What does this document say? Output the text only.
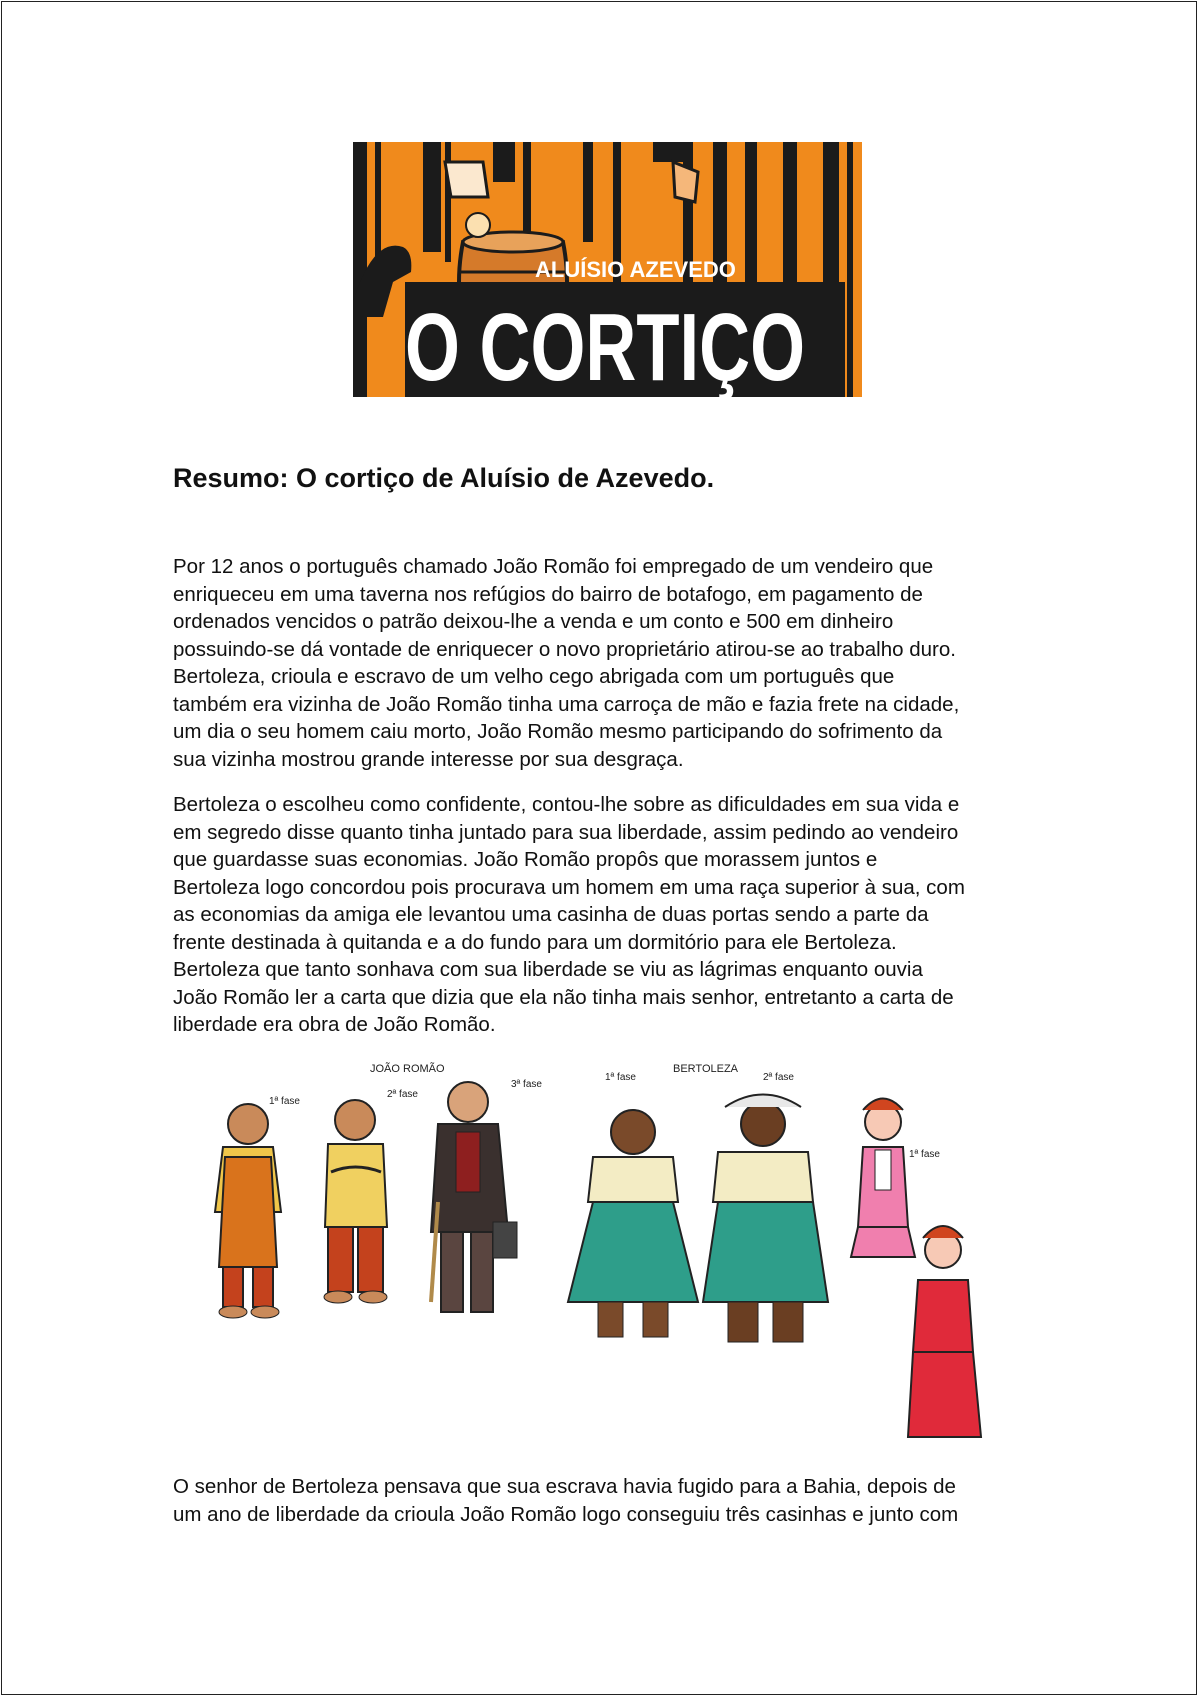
ALUÍSIO AZEVEDO
O CORTIÇO
Resumo: O cortiço de Aluísio de Azevedo.
Por 12 anos o português chamado João Romão foi empregado de um vendeiro que
enriqueceu em uma taverna nos refúgios do bairro de botafogo, em pagamento de
ordenados vencidos o patrão deixou-lhe a venda e um conto e 500 em dinheiro
possuindo-se dá vontade de enriquecer o novo proprietário atirou-se ao trabalho duro.
Bertoleza, crioula e escravo de um velho cego abrigada com um português que
também era vizinha de João Romão tinha uma carroça de mão e fazia frete na cidade,
um dia o seu homem caiu morto, João Romão mesmo participando do sofrimento da
sua vizinha mostrou grande interesse por sua desgraça.
Bertoleza o escolheu como confidente, contou-lhe sobre as dificuldades em sua vida e
em segredo disse quanto tinha juntado para sua liberdade, assim pedindo ao vendeiro
que guardasse suas economias. João Romão propôs que morassem juntos e
Bertoleza logo concordou pois procurava um homem em uma raça superior à sua, com
as economias da amiga ele levantou uma casinha de duas portas sendo a parte da
frente destinada à quitanda e a do fundo para um dormitório para ele Bertoleza.
Bertoleza que tanto sonhava com sua liberdade se viu as lágrimas enquanto ouvia
João Romão ler a carta que dizia que ela não tinha mais senhor, entretanto a carta de
liberdade era obra de João Romão.
JOÃO ROMÃO	BERTOLEZA
1ª fase
2ª fase
3ª fase
1ª fase	2ª fase
1ª fase
O senhor de Bertoleza pensava que sua escrava havia fugido para a Bahia, depois de
um ano de liberdade da crioula João Romão logo conseguiu três casinhas e junto com
